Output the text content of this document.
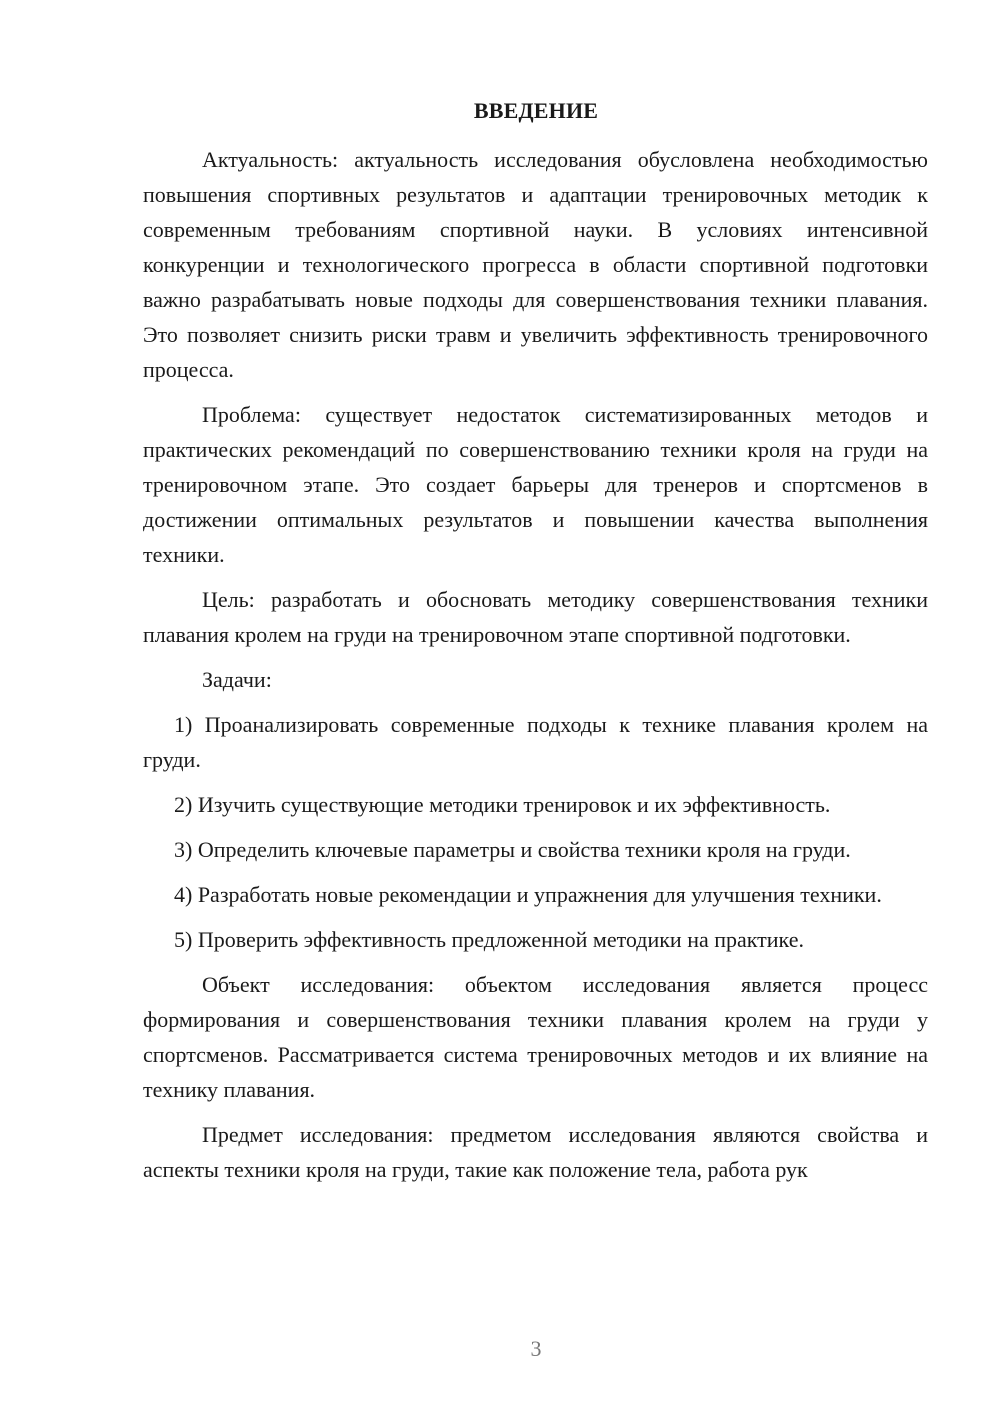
ВВЕДЕНИЕ

Актуальность: актуальность исследования обусловлена необходимостью повышения спортивных результатов и адаптации тренировочных методик к современным требованиям спортивной науки. В условиях интенсивной конкуренции и технологического прогресса в области спортивной подготовки важно разрабатывать новые подходы для совершенствования техники плавания. Это позволяет снизить риски травм и увеличить эффективность тренировочного процесса.

Проблема: существует недостаток систематизированных методов и практических рекомендаций по совершенствованию техники кроля на груди на тренировочном этапе. Это создает барьеры для тренеров и спортсменов в достижении оптимальных результатов и повышении качества выполнения техники.

Цель: разработать и обосновать методику совершенствования техники плавания кролем на груди на тренировочном этапе спортивной подготовки.

Задачи:

1) Проанализировать современные подходы к технике плавания кролем на груди.

2) Изучить существующие методики тренировок и их эффективность.

3) Определить ключевые параметры и свойства техники кроля на груди.

4) Разработать новые рекомендации и упражнения для улучшения техники.

5) Проверить эффективность предложенной методики на практике.

Объект исследования: объектом исследования является процесс формирования и совершенствования техники плавания кролем на груди у спортсменов. Рассматривается система тренировочных методов и их влияние на технику плавания.

Предмет исследования: предметом исследования являются свойства и аспекты техники кроля на груди, такие как положение тела, работа рук

3
